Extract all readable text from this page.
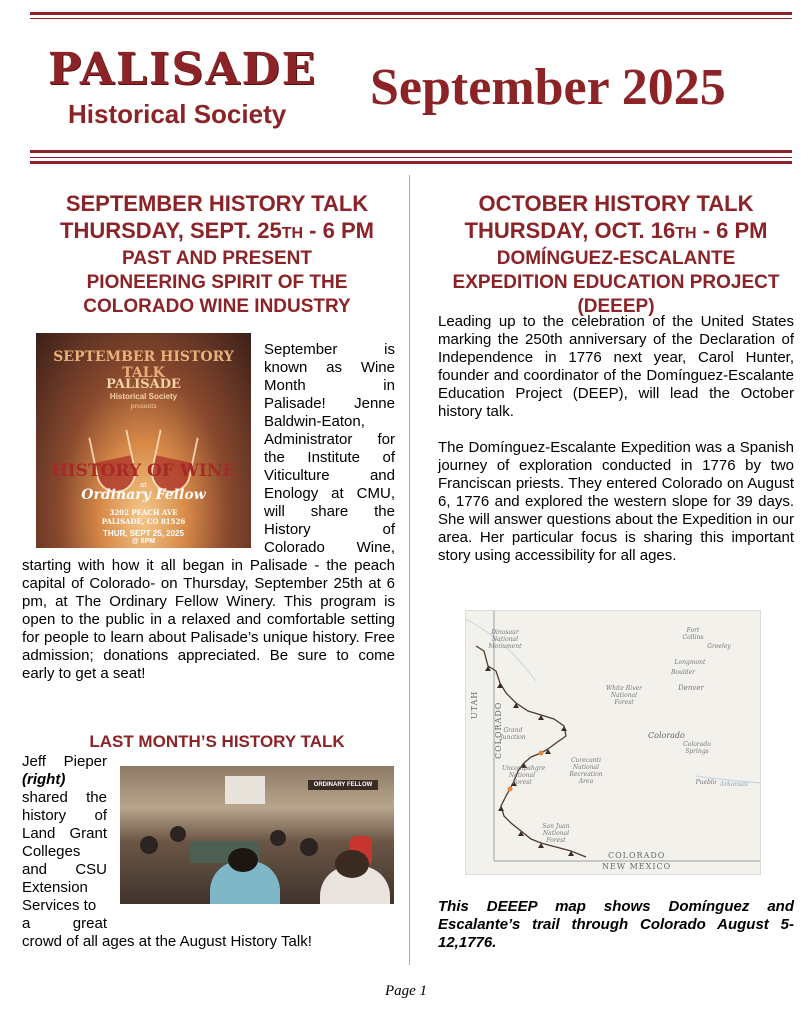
PALISADE
Historical Society September 2025
SEPTEMBER HISTORY TALK
THURSDAY, SEPT. 25TH - 6 PM
PAST AND PRESENT
PIONEERING SPIRIT OF THE
COLORADO WINE INDUSTRY
SEPTEMBER HISTORY TALK
PALISADE
Historical Society
presents
HISTORY OF WINE
at
Ordinary Fellow
3202 PEACH AVE
PALISADE, CO 81526
THUR, SEPT 25, 2025
@ 6PM
September is
known as Wine
Month in
Palisade! Jenne
Baldwin-Eaton,
Administrator for
the Institute of
Viticulture and
Enology at CMU,
will share the
History of
Colorado Wine,
starting with how it all began in Palisade - the peach capital of Colorado- on Thursday, September 25th at 6 pm, at The Ordinary Fellow Winery. This program is open to the public in a relaxed and comfortable setting for people to learn about Palisade’s unique history. Free admission; donations appreciated. Be sure to come early to get a seat!
LAST MONTH’S HISTORY TALK
Jeff Pieper
(right)
shared the
history of
Land Grant
Colleges
and CSU
Extension
Services to
a great
ORDINARY FELLOW
crowd of all ages at the August History Talk!
OCTOBER HISTORY TALK
THURSDAY, OCT. 16TH - 6 PM
DOMÍNGUEZ-ESCALANTE
EXPEDITION EDUCATION PROJECT
(DEEEP)

Leading up to the celebration of the United States marking the 250th anniversary of the Declaration of Independence in 1776 next year, Carol Hunter, founder and coordinator of the Domínguez-Escalante Education Project (DEEP), will lead the October history talk.

The Domínguez-Escalante Expedition was a Spanish journey of exploration conducted in 1776 by two Franciscan priests. They entered Colorado on August 6, 1776 and explored the western slope for 39 days. She will answer questions about the Expedition in our area. Her particular focus is sharing this important story using accessibility for all ages.

Dinosaur National Monument
Fort Collins
Greeley
Longmont
Boulder
White River National Forest
Denver
Grand Junction	Colorado
Colorado Springs
Uncompahgre National Forest
Curecanti National Recreation Area	Pueblo Arkansas
San Juan National Forest
UTAH COLORADO
COLORADO
NEW MEXICO
This DEEEP map shows Domínguez and Escalante’s trail through Colorado August 5-12,1776.
Page 1
